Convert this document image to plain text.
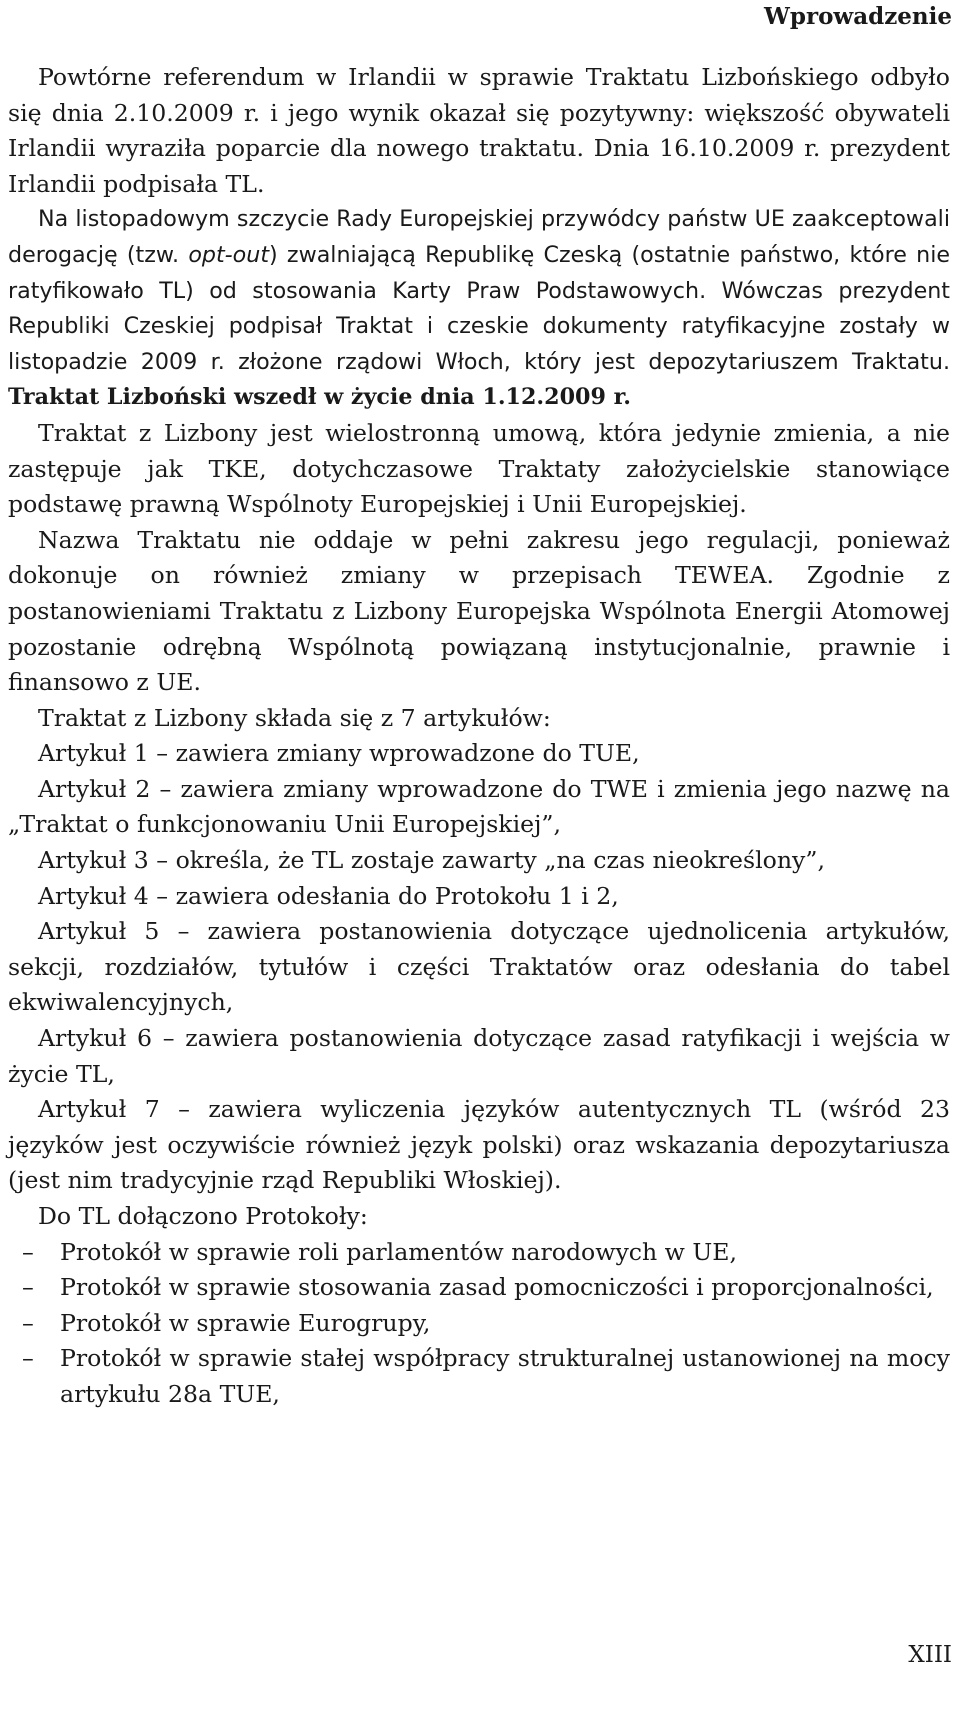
Wprowadzenie

Powtórne referendum w Irlandii w sprawie Traktatu Lizbońskiego odbyło się dnia 2.10.2009 r. i jego wynik okazał się pozytywny: większość obywateli Irlandii wyraziła poparcie dla nowego traktatu. Dnia 16.10.2009 r. prezydent Irlandii podpisała TL.

Na listopadowym szczycie Rady Europejskiej przywódcy państw UE zaakceptowali derogację (tzw. opt-out) zwalniającą Republikę Czeską (ostatnie państwo, które nie ratyfikowało TL) od stosowania Karty Praw Podstawowych. Wówczas prezydent Republiki Czeskiej podpisał Traktat i czeskie dokumenty ratyfikacyjne zostały w listopadzie 2009 r. złożone rządowi Włoch, który jest depozytariuszem Traktatu. Traktat Lizboński wszedł w życie dnia 1.12.2009 r.

Traktat z Lizbony jest wielostronną umową, która jedynie zmienia, a nie zastępuje jak TKE, dotychczasowe Traktaty założycielskie stanowiące podstawę prawną Wspólnoty Europejskiej i Unii Europejskiej.

Nazwa Traktatu nie oddaje w pełni zakresu jego regulacji, ponieważ dokonuje on również zmiany w przepisach TEWEA. Zgodnie z postanowieniami Traktatu z Lizbony Europejska Wspólnota Energii Atomowej pozostanie odrębną Wspólnotą powiązaną instytucjonalnie, prawnie i finansowo z UE.

Traktat z Lizbony składa się z 7 artykułów:

Artykuł 1 – zawiera zmiany wprowadzone do TUE,

Artykuł 2 – zawiera zmiany wprowadzone do TWE i zmienia jego nazwę na „Traktat o funkcjonowaniu Unii Europejskiej”,

Artykuł 3 – określa, że TL zostaje zawarty „na czas nieokreślony”,

Artykuł 4 – zawiera odesłania do Protokołu 1 i 2,

Artykuł 5 – zawiera postanowienia dotyczące ujednolicenia artykułów, sekcji, rozdziałów, tytułów i części Traktatów oraz odesłania do tabel ekwiwalencyjnych,

Artykuł 6 – zawiera postanowienia dotyczące zasad ratyfikacji i wejścia w życie TL,

Artykuł 7 – zawiera wyliczenia języków autentycznych TL (wśród 23 języków jest oczywiście również język polski) oraz wskazania depozytariusza (jest nim tradycyjnie rząd Republiki Włoskiej).

Do TL dołączono Protokoły:

– Protokół w sprawie roli parlamentów narodowych w UE,
– Protokół w sprawie stosowania zasad pomocniczości i proporcjonalności,
– Protokół w sprawie Eurogrupy,
– Protokół w sprawie stałej współpracy strukturalnej ustanowionej na mocy artykułu 28a TUE,
XIII
